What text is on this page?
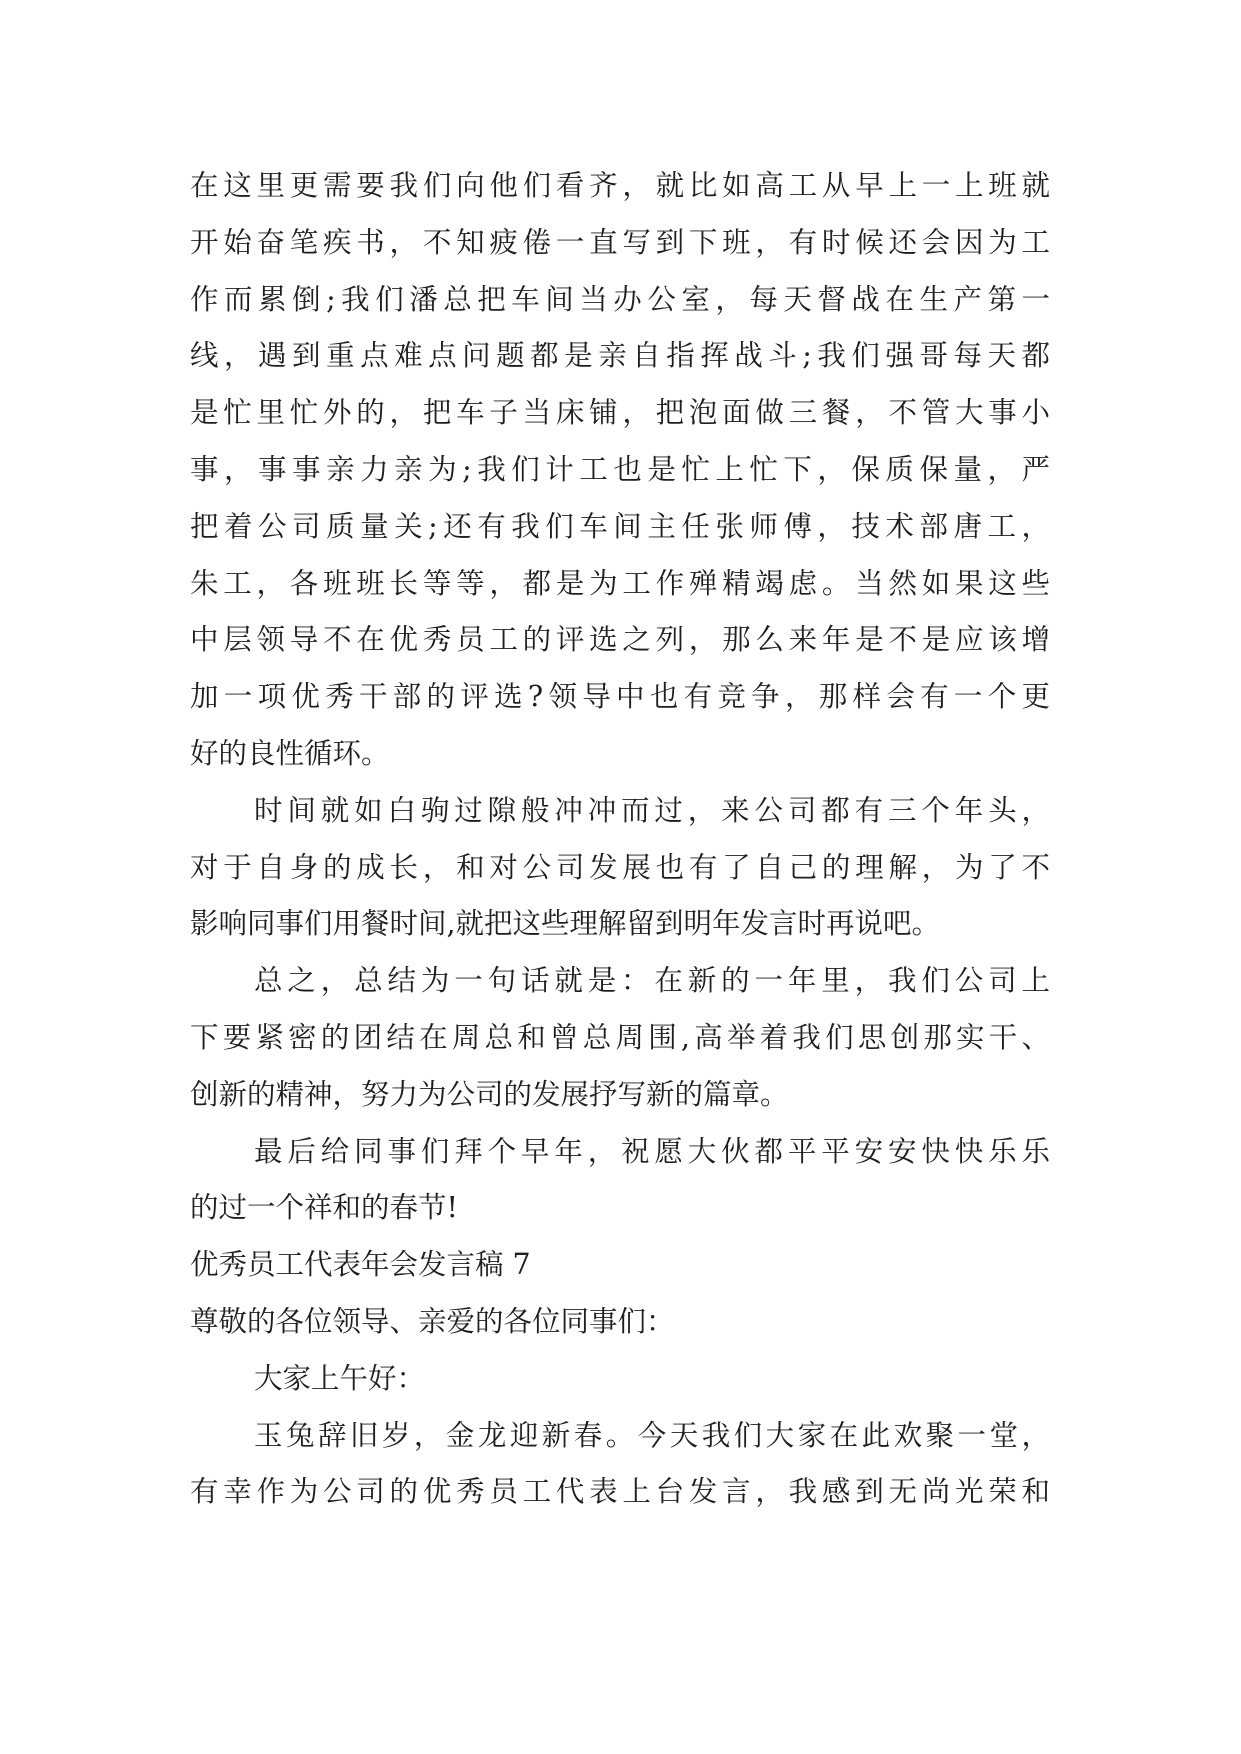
在这里更需要我们向他们看齐，就比如高工从早上一上班就
开始奋笔疾书，不知疲倦一直写到下班，有时候还会因为工
作而累倒;我们潘总把车间当办公室，每天督战在生产第一
线，遇到重点难点问题都是亲自指挥战斗;我们强哥每天都
是忙里忙外的，把车子当床铺，把泡面做三餐，不管大事小
事，事事亲力亲为;我们计工也是忙上忙下，保质保量，严
把着公司质量关;还有我们车间主任张师傅，技术部唐工，
朱工，各班班长等等，都是为工作殚精竭虑。当然如果这些
中层领导不在优秀员工的评选之列，那么来年是不是应该增
加一项优秀干部的评选?领导中也有竞争，那样会有一个更
好的良性循环。
时间就如白驹过隙般冲冲而过，来公司都有三个年头，
对于自身的成长，和对公司发展也有了自己的理解，为了不
影响同事们用餐时间,就把这些理解留到明年发言时再说吧。
总之，总结为一句话就是：在新的一年里，我们公司上
下要紧密的团结在周总和曾总周围,高举着我们思创那实干、
创新的精神，努力为公司的发展抒写新的篇章。
最后给同事们拜个早年，祝愿大伙都平平安安快快乐乐
的过一个祥和的春节!
优秀员工代表年会发言稿 7
尊敬的各位领导、亲爱的各位同事们：
大家上午好：
玉兔辞旧岁，金龙迎新春。今天我们大家在此欢聚一堂，
有幸作为公司的优秀员工代表上台发言，我感到无尚光荣和
